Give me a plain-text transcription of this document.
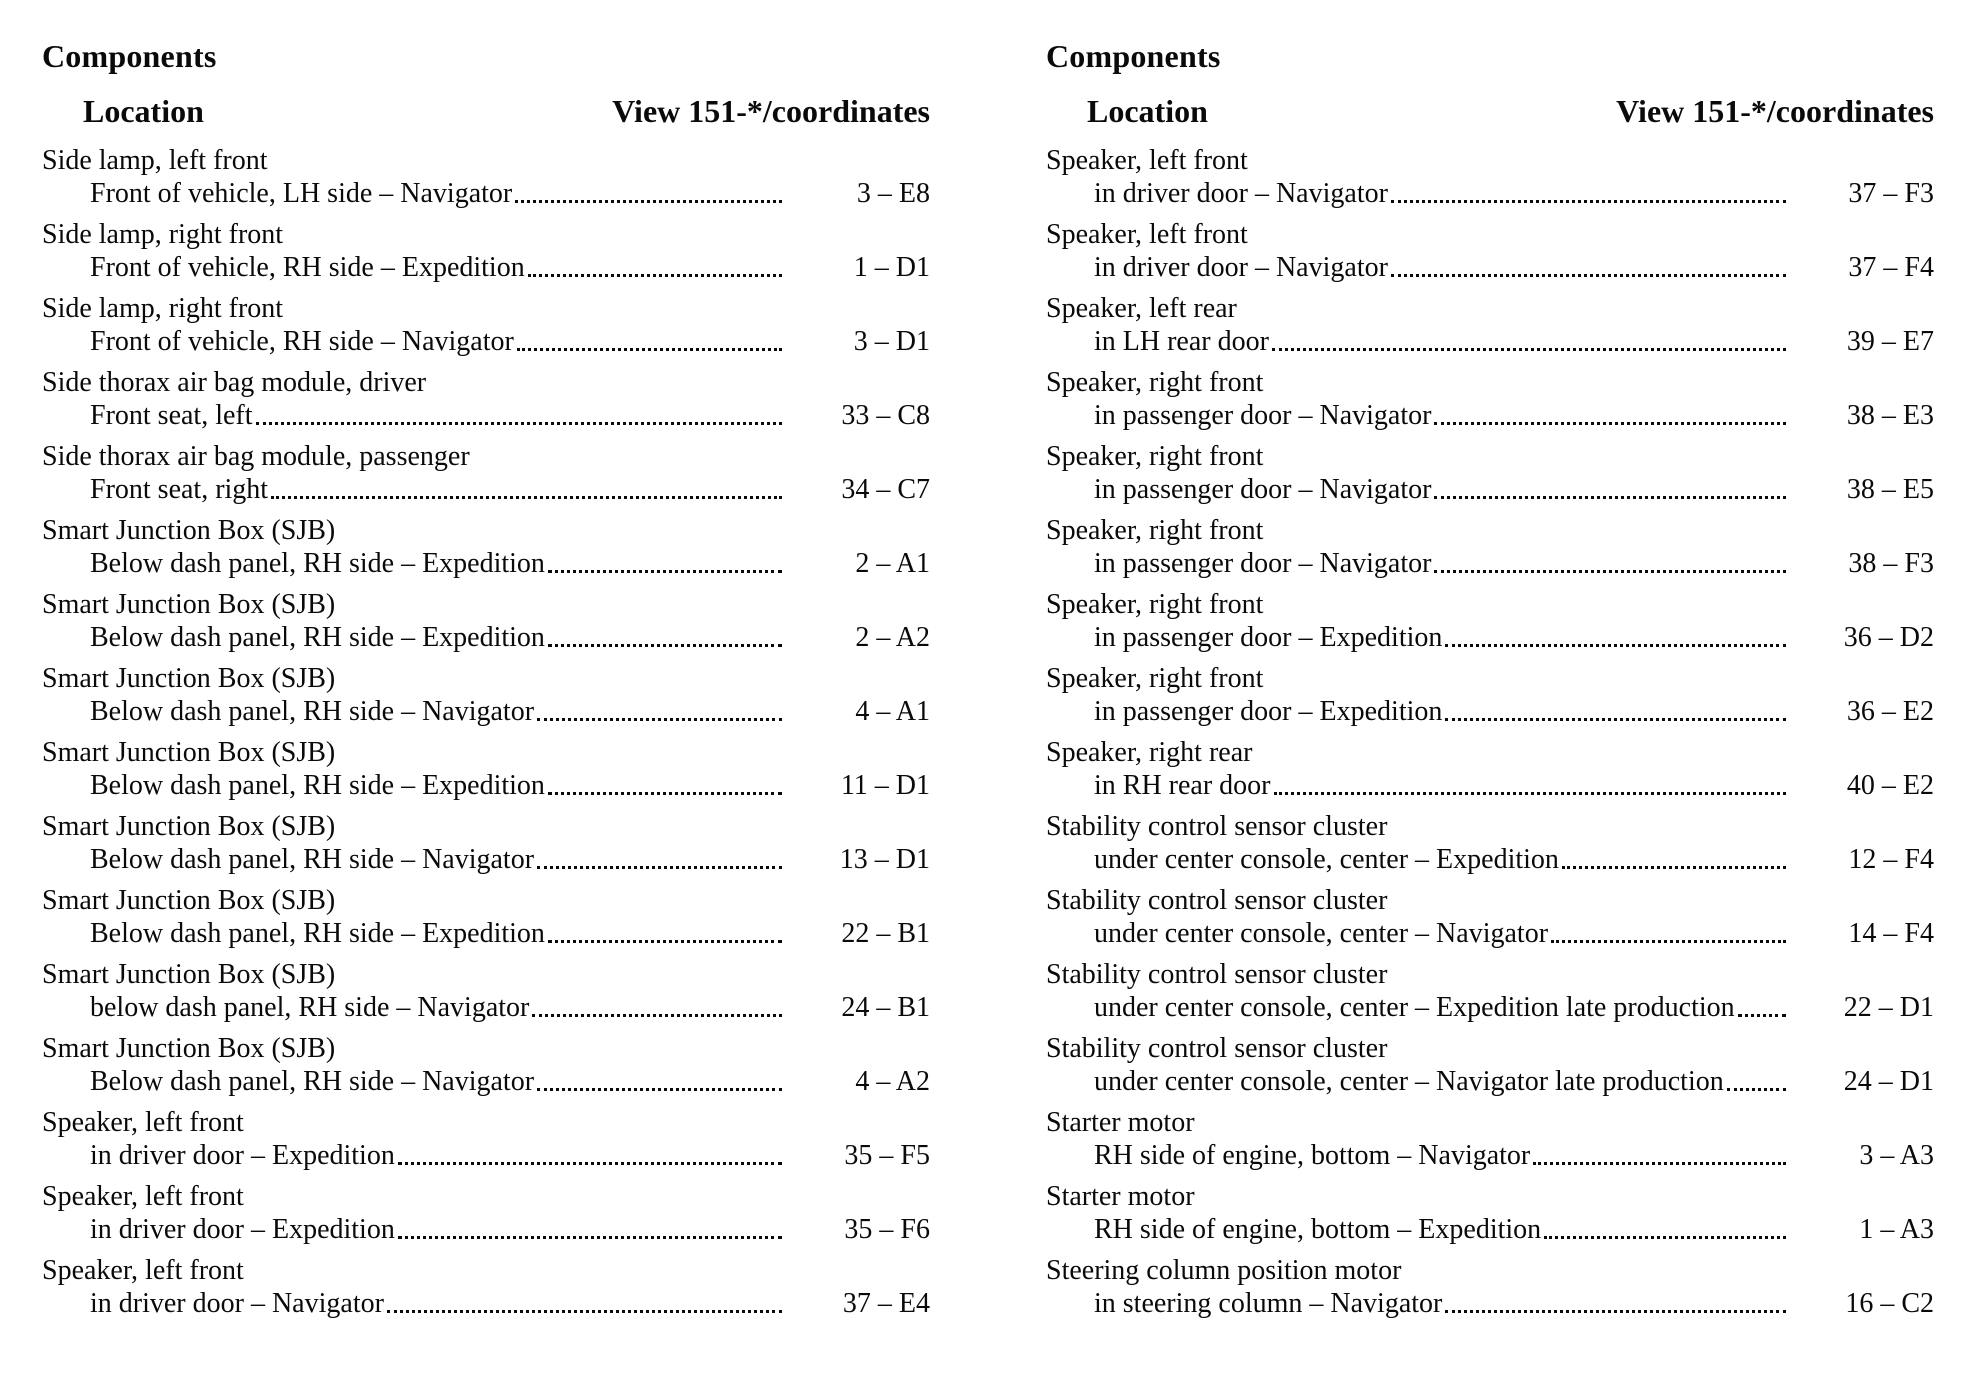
Components
Location	View 151-*/coordinates
Side lamp, left front
Front of vehicle, LH side – Navigator	3 – E8
Side lamp, right front
Front of vehicle, RH side – Expedition	1 – D1
Side lamp, right front
Front of vehicle, RH side – Navigator	3 – D1
Side thorax air bag module, driver
Front seat, left	33 – C8
Side thorax air bag module, passenger
Front seat, right	34 – C7
Smart Junction Box (SJB)
Below dash panel, RH side – Expedition	2 – A1
Smart Junction Box (SJB)
Below dash panel, RH side – Expedition	2 – A2
Smart Junction Box (SJB)
Below dash panel, RH side – Navigator	4 – A1
Smart Junction Box (SJB)
Below dash panel, RH side – Expedition	11 – D1
Smart Junction Box (SJB)
Below dash panel, RH side – Navigator	13 – D1
Smart Junction Box (SJB)
Below dash panel, RH side – Expedition	22 – B1
Smart Junction Box (SJB)
below dash panel, RH side – Navigator	24 – B1
Smart Junction Box (SJB)
Below dash panel, RH side – Navigator	4 – A2
Speaker, left front
in driver door – Expedition	35 – F5
Speaker, left front
in driver door – Expedition	35 – F6
Speaker, left front
in driver door – Navigator	37 – E4
Components
Location	View 151-*/coordinates
Speaker, left front
in driver door – Navigator	37 – F3
Speaker, left front
in driver door – Navigator	37 – F4
Speaker, left rear
in LH rear door	39 – E7
Speaker, right front
in passenger door – Navigator	38 – E3
Speaker, right front
in passenger door – Navigator	38 – E5
Speaker, right front
in passenger door – Navigator	38 – F3
Speaker, right front
in passenger door – Expedition	36 – D2
Speaker, right front
in passenger door – Expedition	36 – E2
Speaker, right rear
in RH rear door	40 – E2
Stability control sensor cluster
under center console, center – Expedition	12 – F4
Stability control sensor cluster
under center console, center – Navigator	14 – F4
Stability control sensor cluster
under center console, center – Expedition late production	22 – D1
Stability control sensor cluster
under center console, center – Navigator late production	24 – D1
Starter motor
RH side of engine, bottom – Navigator	3 – A3
Starter motor
RH side of engine, bottom – Expedition	1 – A3
Steering column position motor
in steering column – Navigator	16 – C2
